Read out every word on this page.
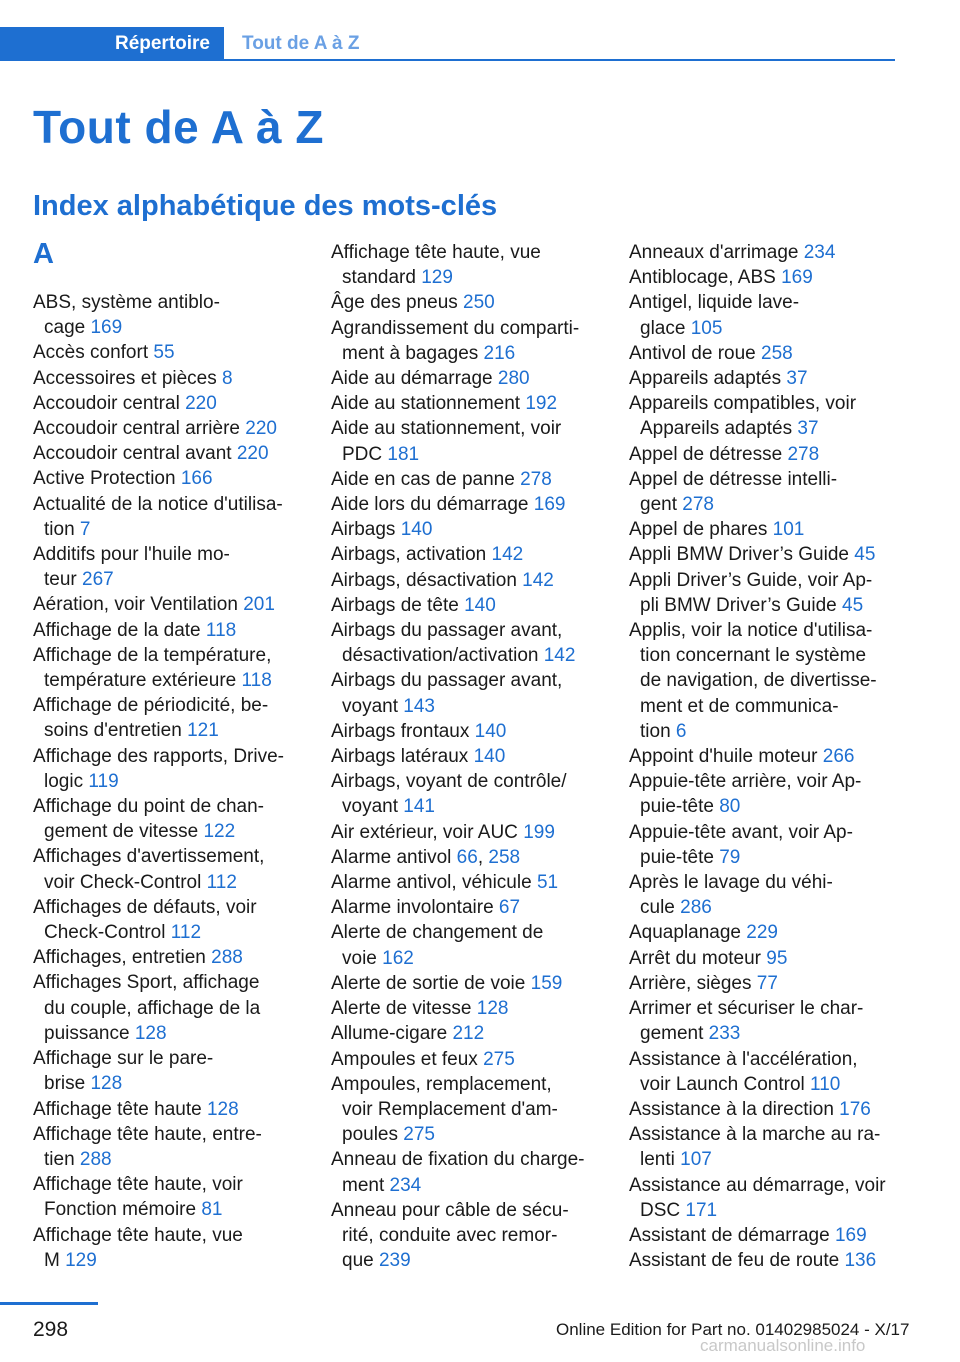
Répertoire	Tout de A à Z
Tout de A à Z
Index alphabétique des mots-clés
A
ABS, système antiblo-
cage 169
Accès confort 55
Accessoires et pièces 8
Accoudoir central 220
Accoudoir central arrière 220
Accoudoir central avant 220
Active Protection 166
Actualité de la notice d'utilisa-
tion 7
Additifs pour l'huile mo-
teur 267
Aération, voir Ventilation 201
Affichage de la date 118
Affichage de la température,
température extérieure 118
Affichage de périodicité, be-
soins d'entretien 121
Affichage des rapports, Drive-
logic 119
Affichage du point de chan-
gement de vitesse 122
Affichages d'avertissement,
voir Check-Control 112
Affichages de défauts, voir
Check-Control 112
Affichages, entretien 288
Affichages Sport, affichage
du couple, affichage de la
puissance 128
Affichage sur le pare-
brise 128
Affichage tête haute 128
Affichage tête haute, entre-
tien 288
Affichage tête haute, voir
Fonction mémoire 81
Affichage tête haute, vue
M 129
Affichage tête haute, vue
standard 129
Âge des pneus 250
Agrandissement du comparti-
ment à bagages 216
Aide au démarrage 280
Aide au stationnement 192
Aide au stationnement, voir
PDC 181
Aide en cas de panne 278
Aide lors du démarrage 169
Airbags 140
Airbags, activation 142
Airbags, désactivation 142
Airbags de tête 140
Airbags du passager avant,
désactivation/activation 142
Airbags du passager avant,
voyant 143
Airbags frontaux 140
Airbags latéraux 140
Airbags, voyant de contrôle/
voyant 141
Air extérieur, voir AUC 199
Alarme antivol 66, 258
Alarme antivol, véhicule 51
Alarme involontaire 67
Alerte de changement de
voie 162
Alerte de sortie de voie 159
Alerte de vitesse 128
Allume-cigare 212
Ampoules et feux 275
Ampoules, remplacement,
voir Remplacement d'am-
poules 275
Anneau de fixation du charge-
ment 234
Anneau pour câble de sécu-
rité, conduite avec remor-
que 239
Anneaux d'arrimage 234
Antiblocage, ABS 169
Antigel, liquide lave-
glace 105
Antivol de roue 258
Appareils adaptés 37
Appareils compatibles, voir
Appareils adaptés 37
Appel de détresse 278
Appel de détresse intelli-
gent 278
Appel de phares 101
Appli BMW Driver’s Guide 45
Appli Driver’s Guide, voir Ap-
pli BMW Driver’s Guide 45
Applis, voir la notice d'utilisa-
tion concernant le système
de navigation, de divertisse-
ment et de communica-
tion 6
Appoint d'huile moteur 266
Appuie-tête arrière, voir Ap-
puie-tête 80
Appuie-tête avant, voir Ap-
puie-tête 79
Après le lavage du véhi-
cule 286
Aquaplanage 229
Arrêt du moteur 95
Arrière, sièges 77
Arrimer et sécuriser le char-
gement 233
Assistance à l'accélération,
voir Launch Control 110
Assistance à la direction 176
Assistance à la marche au ra-
lenti 107
Assistance au démarrage, voir
DSC 171
Assistant de démarrage 169
Assistant de feu de route 136
298	Online Edition for Part no. 01402985024 - X/17
carmanualsonline.info
